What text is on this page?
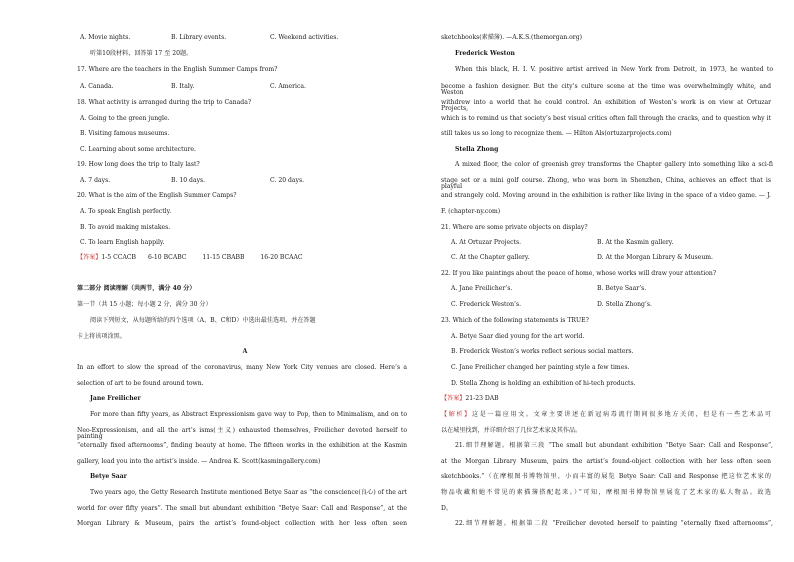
A. Movie nights.	B. Library events.	C. Weekend activities.
听第10段材料，回答第 17 至 20题。
17. Where are the teachers in the English Summer Camps from?
A. Canada.	B. Italy.	C. America.
18. What activity is arranged during the trip to Canada?
A. Going to the green jungle.
B. Visiting famous museums.
C. Learning about some architecture.
19. How long does the trip to Italy last?
A. 7 days.	B. 10 days.	C. 20 days.
20. What is the aim of the English Summer Camps?
A. To speak English perfectly.
B. To avoid making mistakes.
C. To learn English happily.
【答案】1-5 CCACB 6-10 BCABC	11-15 CBABB	16-20 BCAAC
第二部分 阅读理解（共两节，满分 40 分）
第一节（共 15 小题；每小题 2 分，满分 30 分）
阅读下列短文，从每题所给的四个选项（A、B、C和D）中选出最佳选项，并在答题
卡上将该项涂黑。
A
In an effort to slow the spread of the coronavirus, many New York City venues are closed. Here’s a
selection of art to be found around town.
Jane Freilicher
For more than fifty years, as Abstract Expressionism gave way to Pop, then to Minimalism, and on to
Neo-Expressionism, and all the art’s isms(主义) exhausted themselves, Freilicher devoted herself to painting
“eternally fixed afternooms”, finding beauty at home. The fifteen works in the exhibition at the Kasmin
gallery, lead you into the artist’s inside. — Andrea K. Scott(kasmingallery.com)
Betye Saar
Two years ago, the Getty Research Institute mentioned Betye Saar as “the conscience(良心) of the art
world for over fifty years”. The small but abundant exhibition “Betye Saar: Call and Response”, at the
Morgan Library & Museum, pairs the artist’s found-object collection with her less often seen
sketchbooks(素描簿). —A.K.S.(themorgan.org)
Frederick Weston
When this black, H. I. V. positive artist arrived in New York from Detroit, in 1973, he wanted to
become a fashion designer. But the city’s culture scene at the time was overwhelmingly white, and Weston
withdrew into a world that he could control. An exhibition of Weston’s work is on view at Ortuzar Projects,
which is to remind us that society’s best visual critics often fall through the cracks, and to question why it
still takes us so long to recognize them. — Hilton Als(ortuzarprojects.com)
Stella Zhong
A mixed floor, the color of greenish grey transforms the Chapter gallery into something like a sci-fi
stage set or a mini golf course. Zhong, who was born in Shenzhen, China, achieves an effect that is playful
and strangely cold. Moving around in the exhibition is rather like living in the space of a video game. — J.
F. (chapter-ny.com)
21. Where are some private objects on display?
A. At Ortuzar Projects.	B. At the Kasmin gallery.
C. At the Chapter gallery.	D. At the Morgan Library & Museum.
22. If you like paintings about the peace of home, whose works will draw your attention?
A. Jane Freilicher’s.	B. Betye Saar’s.
C. Frederick Weston’s.	D. Stella Zhong’s.
23. Which of the following statements is TRUE?
A. Betye Saar died young for the art world.
B. Frederick Weston’s works reflect serious social matters.
C. Jane Freilicher changed her painting style a few times.
D. Stella Zhong is holding an exhibition of hi-tech products.
【答案】21-23 DAB
【解析】这是一篇应用文。文章主要讲述在新冠病毒流行期间很多地方关闭，但是有一些艺术品可
以在城里找到，并详细介绍了几位艺术家及其作品。
21.细节理解题。根据第三段 “The small but abundant exhibition “Betye Saar: Call and Response”,
at the Morgan Library Museum, pairs the artist’s found-object collection with her less often seen
sketchbooks.”（在摩根图书博物馆里，小而丰富的展览 Betye Saar: Call and Response 把这位艺术家的
物品收藏和她不常见的素描簿搭配起来。）”可知，摩根图书博物馆里展览了艺术家的私人物品。故选
D。
22.细节理解题。根据第二段 “Freilicher devoted herself to painting “eternally fixed afternooms”,
